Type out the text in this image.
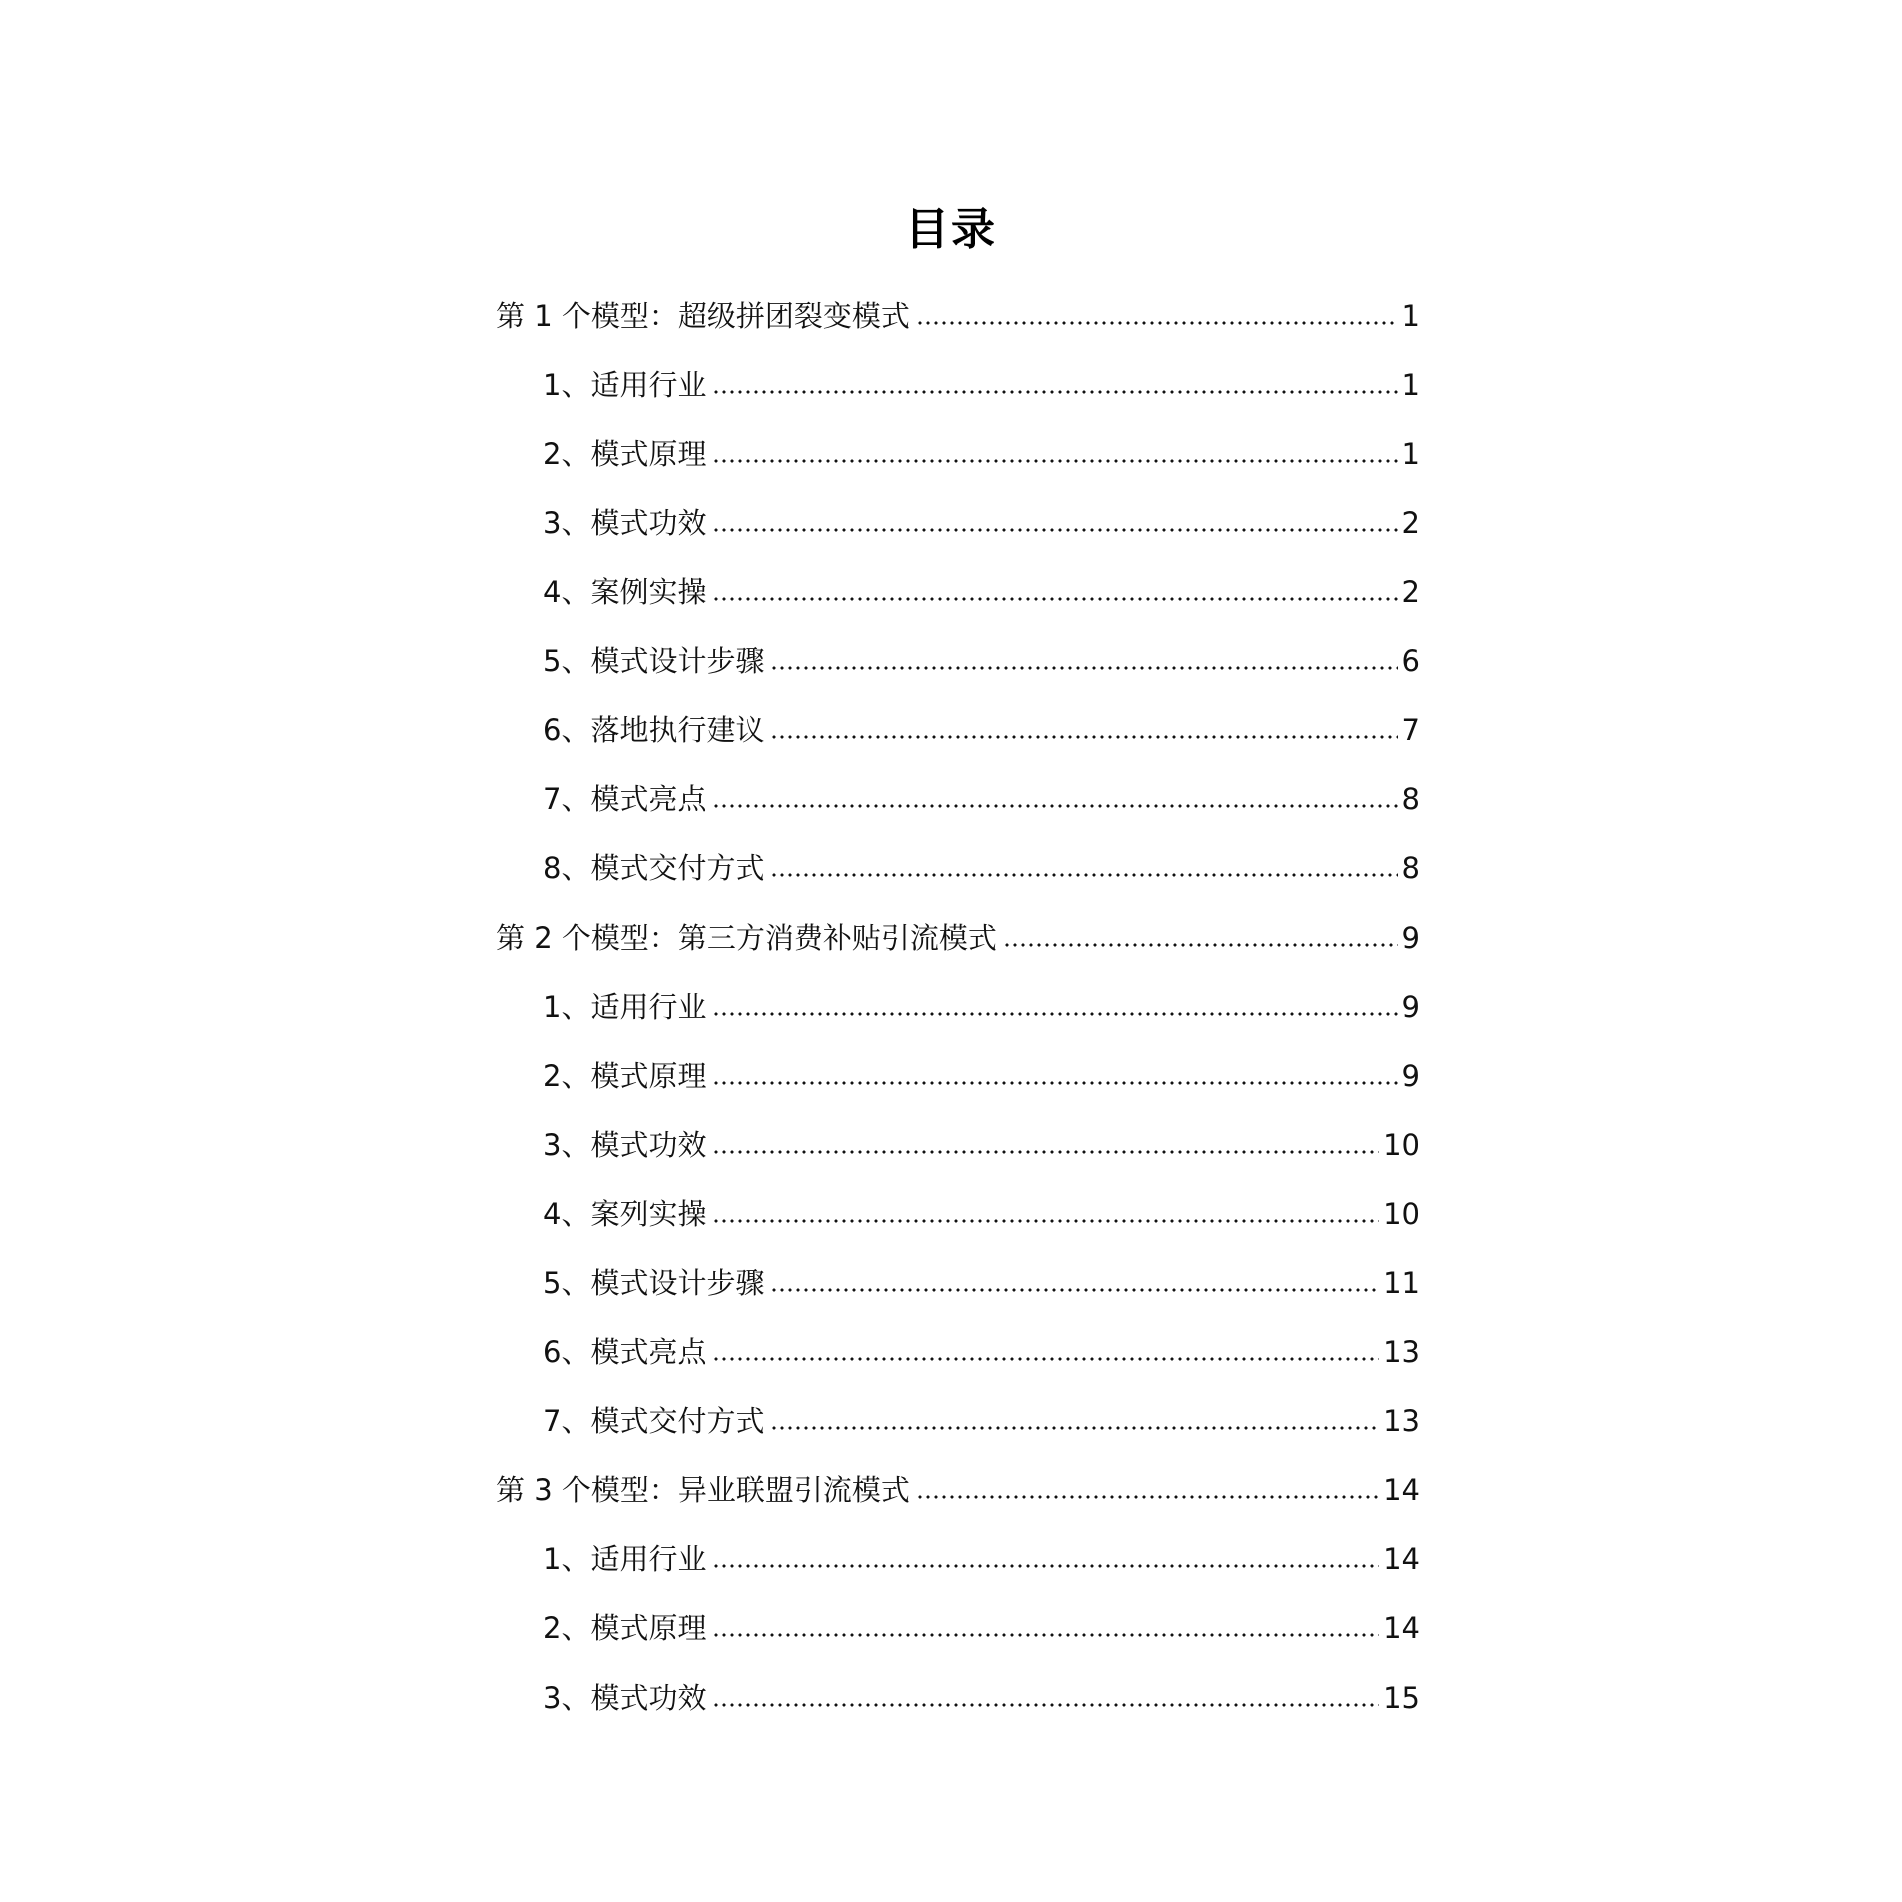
目录
第 1 个模型：超级拼团裂变模式	1
1、适用行业	1
2、模式原理	1
3、模式功效	2
4、案例实操	2
5、模式设计步骤	6
6、落地执行建议	7
7、模式亮点	8
8、模式交付方式	8
第 2 个模型：第三方消费补贴引流模式	9
1、适用行业	9
2、模式原理	9
3、模式功效	10
4、案列实操	10
5、模式设计步骤	11
6、模式亮点	13
7、模式交付方式	13
第 3 个模型：异业联盟引流模式	14
1、适用行业	14
2、模式原理	14
3、模式功效	15
